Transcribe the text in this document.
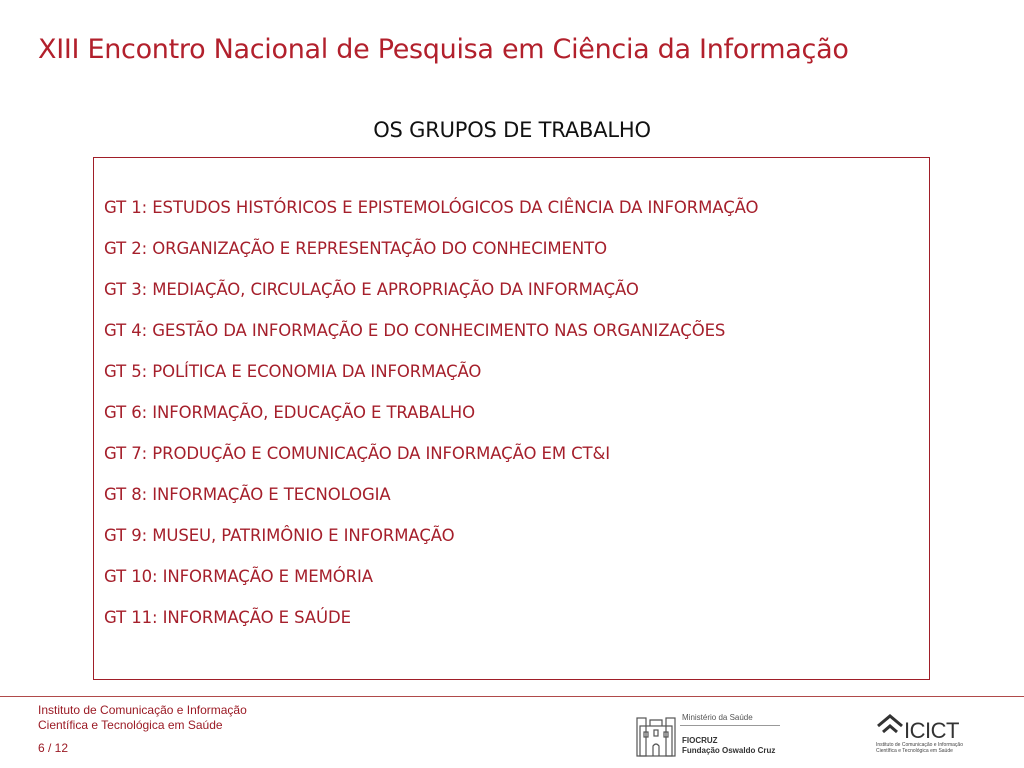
XIII Encontro Nacional de Pesquisa em Ciência da Informação
OS GRUPOS DE TRABALHO
GT 1: ESTUDOS HISTÓRICOS E EPISTEMOLÓGICOS DA CIÊNCIA DA INFORMAÇÃO
GT 2: ORGANIZAÇÃO E REPRESENTAÇÃO DO CONHECIMENTO
GT 3: MEDIAÇÃO, CIRCULAÇÃO E APROPRIAÇÃO DA INFORMAÇÃO
GT 4: GESTÃO DA INFORMAÇÃO E DO CONHECIMENTO NAS ORGANIZAÇÕES
GT 5: POLÍTICA E ECONOMIA DA INFORMAÇÃO
GT 6: INFORMAÇÃO, EDUCAÇÃO E TRABALHO
GT 7: PRODUÇÃO E COMUNICAÇÃO DA INFORMAÇÃO EM CT&I
GT 8: INFORMAÇÃO E TECNOLOGIA
GT 9: MUSEU, PATRIMÔNIO E INFORMAÇÃO
GT 10: INFORMAÇÃO E MEMÓRIA
GT 11: INFORMAÇÃO E SAÚDE
Instituto de Comunicação e Informação
Científica e Tecnológica em Saúde
6 / 12
Ministério da Saúde
FIOCRUZ
Fundação Oswaldo Cruz
ICICT
Instituto de Comunicação e Informação
Científica e Tecnológica em Saúde
